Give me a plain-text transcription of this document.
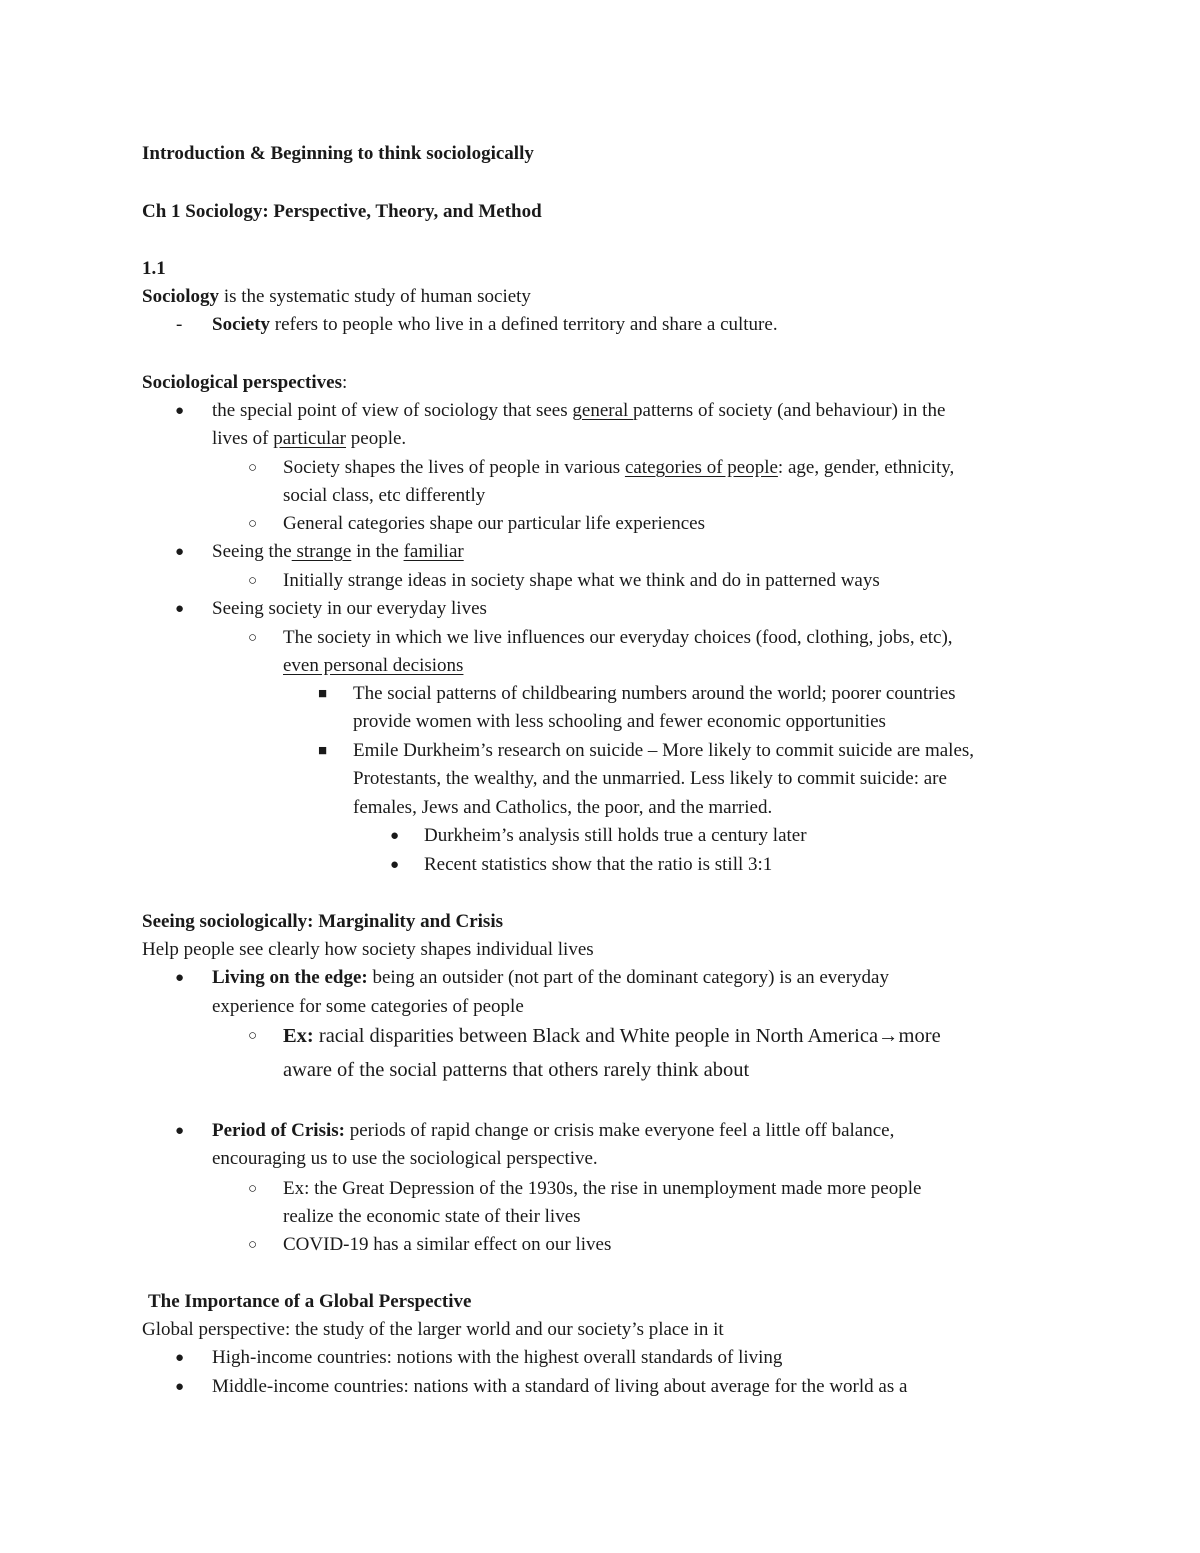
Introduction & Beginning to think sociologically
Ch 1 Sociology: Perspective, Theory, and Method
1.1
Sociology is the systematic study of human society
- Society refers to people who live in a defined territory and share a culture.
Sociological perspectives:
● the special point of view of sociology that sees general patterns of society (and behaviour) in the
lives of particular people.
○ Society shapes the lives of people in various categories of people: age, gender, ethnicity,
social class, etc differently
○ General categories shape our particular life experiences
● Seeing the strange in the familiar
○ Initially strange ideas in society shape what we think and do in patterned ways
● Seeing society in our everyday lives
○ The society in which we live influences our everyday choices (food, clothing, jobs, etc),
even personal decisions
■ The social patterns of childbearing numbers around the world; poorer countries
provide women with less schooling and fewer economic opportunities
■ Emile Durkheim’s research on suicide – More likely to commit suicide are males,
Protestants, the wealthy, and the unmarried. Less likely to commit suicide: are
females, Jews and Catholics, the poor, and the married.
● Durkheim’s analysis still holds true a century later
● Recent statistics show that the ratio is still 3:1
Seeing sociologically: Marginality and Crisis
Help people see clearly how society shapes individual lives
● Living on the edge: being an outsider (not part of the dominant category) is an everyday
experience for some categories of people
○ Ex: racial disparities between Black and White people in North America→more
aware of the social patterns that others rarely think about
● Period of Crisis: periods of rapid change or crisis make everyone feel a little off balance,
encouraging us to use the sociological perspective.
○ Ex: the Great Depression of the 1930s, the rise in unemployment made more people
realize the economic state of their lives
○ COVID-19 has a similar effect on our lives
The Importance of a Global Perspective
Global perspective: the study of the larger world and our society’s place in it
● High-income countries: notions with the highest overall standards of living
● Middle-income countries: nations with a standard of living about average for the world as a
